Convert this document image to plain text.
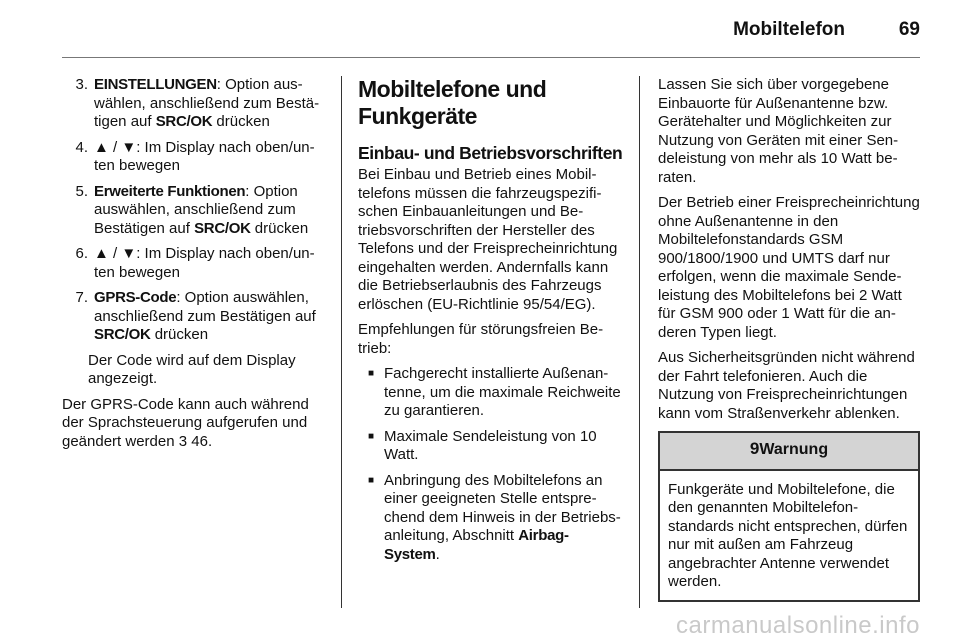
Mobiltelefon	69
3. EINSTELLUNGEN: Option auswählen, anschließend zum Bestätigen auf SRC/OK drücken
4. ▲ / ▼: Im Display nach oben/unten bewegen
5. Erweiterte Funktionen: Option auswählen, anschließend zum Bestätigen auf SRC/OK drücken
6. ▲ / ▼: Im Display nach oben/unten bewegen
7. GPRS-Code: Option auswählen, anschließend zum Bestätigen auf SRC/OK drücken
Der Code wird auf dem Display angezeigt.

Der GPRS-Code kann auch während der Sprachsteuerung aufgerufen und geändert werden 3 46.

Mobiltelefone und Funkgeräte
Einbau- und Betriebsvorschriften

Bei Einbau und Betrieb eines Mobiltelefons müssen die fahrzeugspezifischen Einbauanleitungen und Betriebsvorschriften der Hersteller des Telefons und der Freisprecheinrichtung eingehalten werden. Andernfalls kann die Betriebserlaubnis des Fahrzeugs erlöschen (EU-Richtlinie 95/54/EG).

Empfehlungen für störungsfreien Betrieb:

■ Fachgerecht installierte Außenantenne, um die maximale Reichweite zu garantieren.
■ Maximale Sendeleistung von 10 Watt.
■ Anbringung des Mobiltelefons an einer geeigneten Stelle entsprechend dem Hinweis in der Betriebsanleitung, Abschnitt Airbag-System.

Lassen Sie sich über vorgegebene Einbauorte für Außenantenne bzw. Gerätehalter und Möglichkeiten zur Nutzung von Geräten mit einer Sendeleistung von mehr als 10 Watt beraten.

Der Betrieb einer Freisprecheinrichtung ohne Außenantenne in den Mobiltelefonstandards GSM 900/1800/1900 und UMTS darf nur erfolgen, wenn die maximale Sendeleistung des Mobiltelefons bei 2 Watt für GSM 900 oder 1 Watt für die anderen Typen liegt.

Aus Sicherheitsgründen nicht während der Fahrt telefonieren. Auch die Nutzung von Freisprecheinrichtungen kann vom Straßenverkehr ablenken.

9Warnung
Funkgeräte und Mobiltelefone, die den genannten Mobiltelefonstandards nicht entsprechen, dürfen nur mit außen am Fahrzeug angebrachter Antenne verwendet werden.
carmanualsonline.info
